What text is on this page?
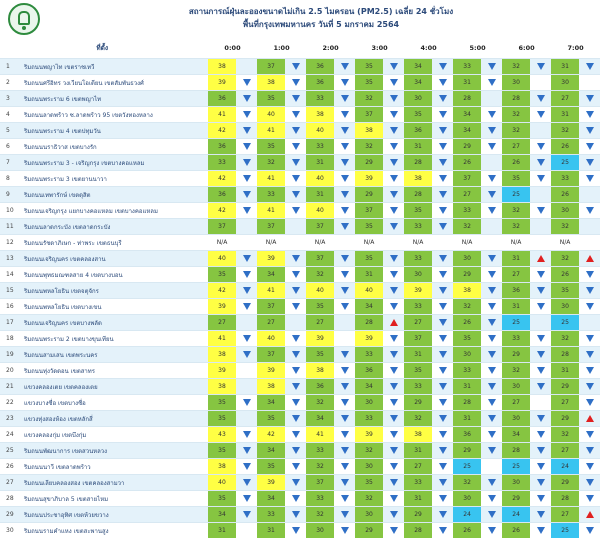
สถานการณ์ฝุ่นละอองขนาดไม่เกิน 2.5 ไมครอน (PM2.5) เฉลี่ย 24 ชั่วโมง
พื้นที่กรุงเทพมหานคร วันที่ 5 มกราคม 2564
	ที่ตั้ง	0:00		1:00		2:00		3:00		4:00		5:00		6:00		7:00	
1	ริมถนนพญาไท เขตราชเทวี	38		37		36		35		34		33		32		31	
2	ริมถนนศรีอิทร วงเวียนโอเดียน เขตสัมพันธวงศ์	39		38		36		35		34		31		30		30	
3	ริมถนนพระราม 6 เขตพญาไท	36		35		33		32		30		28		28		27	
4	ริมถนนลาดพร้าว ซ.ลาดพร้าว 95 เขตวังทองหลาง	41		40		38		37		35		34		32		31	
5	ริมถนนพระราม 4 เขตปทุมวัน	42		41		40		38		36		34		32		32	
6	ริมถนนนราธิวาส เขตบางรัก	36		35		33		32		31		29		27		26	
7	ริมถนนพระราม 3 - เจริญกรุง เขตบางคอแหลม	33		32		31		29		28		26		26		25	
8	ริมถนนพระราม 3 เขตยานนาวา	42		41		40		39		38		37		35		33	
9	ริมถนนเทพารักษ์ เขตดุสิต	36		33		31		29		28		27		25		26	
10	ริมถนนเจริญกรุง แยกบางคอแหลม เขตบางคอแหลม	42		41		40		37		35		33		32		30	
11	ริมถนนลาดกระบัง เขตลาดกระบัง	37		37		37		35		33		32		32		32	
12	ริมถนนรัชดาภิเษก - ท่าพระ เขตธนบุรี	N/A		N/A		N/A		N/A		N/A		N/A		N/A		N/A	
13	ริมถนนเจริญนคร เขตคลองสาน	40		39		37		35		33		30		31		32	
14	ริมถนนพุทธมณฑลสาย 4 เขตบางบอน	35		34		32		31		30		29		27		26	
15	ริมถนนพหลโยธิน เขตจตุจักร	42		41		40		40		39		38		36		35	
16	ริมถนนพหลโยธิน เขตบางเขน	39		37		35		34		33		32		31		30	
17	ริมถนนเจริญนคร เขตบางพลัด	27		27		27		28		27		26		25		25	
18	ริมถนนพระราม 2 เขตบางขุนเทียน	41		40		39		39		37		35		33		32	
19	ริมถนนสามเสน เขตพระนคร	38		37		35		33		31		30		29		28	
20	ริมถนนทุ่งวัดดอน เขตสาทร	39		39		38		36		35		33		32		31	
21	แขวงคลองเตย เขตคลองเตย	38		38		36		34		33		31		30		29	
22	แขวงบางซื่อ เขตบางซื่อ	35		34		32		30		29		28		27		27	
23	แขวงทุ่งสองห้อง เขตหลักสี่	35		35		34		33		32		31		30		29	
24	แขวงคลองกุ่ม เขตบึงกุ่ม	43		42		41		39		38		36		34		32	
25	ริมถนนพัฒนาการ เขตสวนหลวง	35		34		33		32		31		29		28		27	
26	ริมถนนนาวี เขตลาดพร้าว	38		35		32		30		27		25		25		24	
27	ริมถนนเลียบคลองสอง เขตคลองสามวา	40		39		37		35		33		32		30		29	
28	ริมถนนสุขาภิบาล 5 เขตสายไหม	35		34		33		32		31		30		29		28	
29	ริมถนนประชาอุทิศ เขตห้วยขวาง	34		33		32		30		29		24		24		27	
30	ริมถนนรามคำแหง เขตสะพานสูง	31		31		30		29		28		26		26		25	
